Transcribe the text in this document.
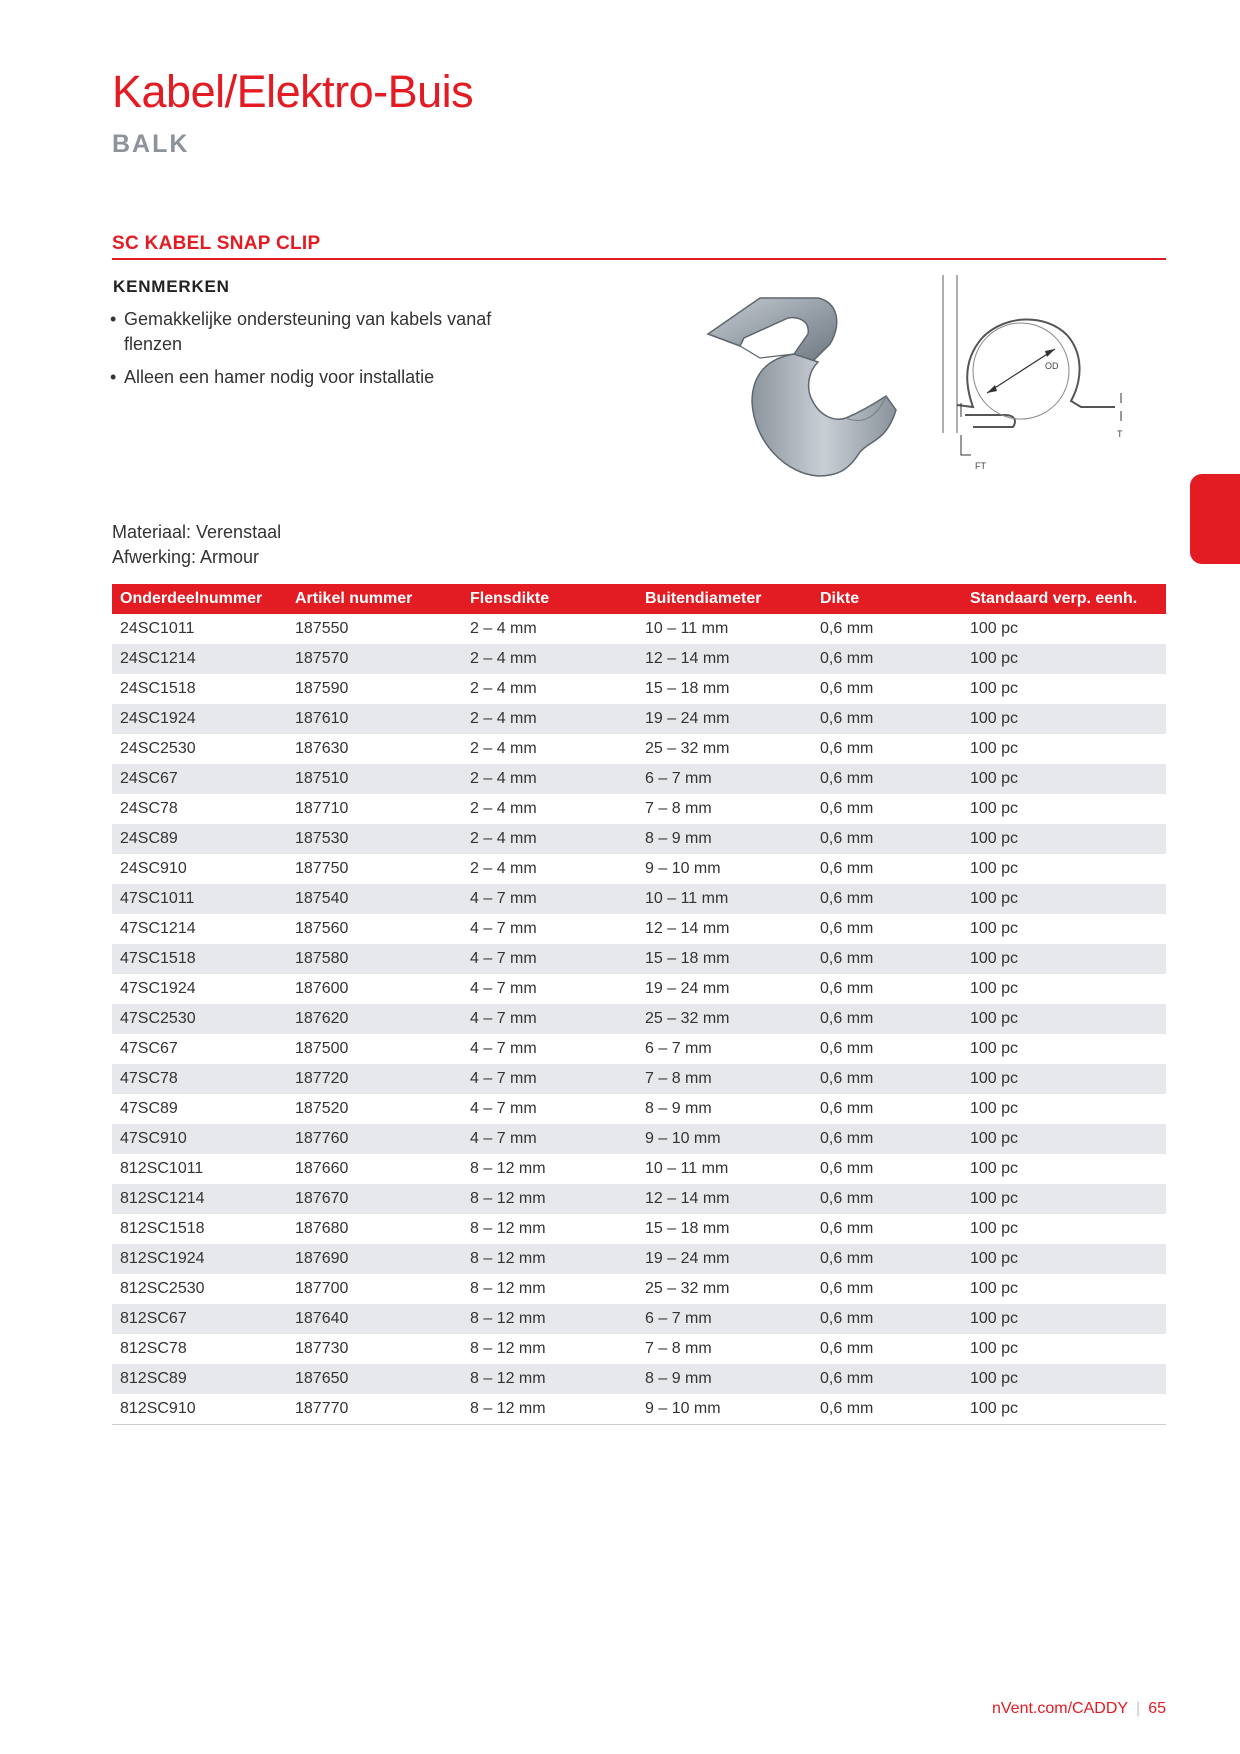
Kabel/Elektro-Buis
BALK
SC KABEL SNAP CLIP
KENMERKEN
• Gemakkelijke ondersteuning van kabels vanaf flenzen
• Alleen een hamer nodig voor installatie
OD
T
FT
Materiaal: Verenstaal
Afwerking: Armour
Onderdeelnummer	Artikel nummer	Flensdikte	Buitendiameter	Dikte	Standaard verp. eenh.
24SC1011	187550	2 – 4 mm	10 – 11 mm	0,6 mm	100 pc
24SC1214	187570	2 – 4 mm	12 – 14 mm	0,6 mm	100 pc
24SC1518	187590	2 – 4 mm	15 – 18 mm	0,6 mm	100 pc
24SC1924	187610	2 – 4 mm	19 – 24 mm	0,6 mm	100 pc
24SC2530	187630	2 – 4 mm	25 – 32 mm	0,6 mm	100 pc
24SC67	187510	2 – 4 mm	6 – 7 mm	0,6 mm	100 pc
24SC78	187710	2 – 4 mm	7 – 8 mm	0,6 mm	100 pc
24SC89	187530	2 – 4 mm	8 – 9 mm	0,6 mm	100 pc
24SC910	187750	2 – 4 mm	9 – 10 mm	0,6 mm	100 pc
47SC1011	187540	4 – 7 mm	10 – 11 mm	0,6 mm	100 pc
47SC1214	187560	4 – 7 mm	12 – 14 mm	0,6 mm	100 pc
47SC1518	187580	4 – 7 mm	15 – 18 mm	0,6 mm	100 pc
47SC1924	187600	4 – 7 mm	19 – 24 mm	0,6 mm	100 pc
47SC2530	187620	4 – 7 mm	25 – 32 mm	0,6 mm	100 pc
47SC67	187500	4 – 7 mm	6 – 7 mm	0,6 mm	100 pc
47SC78	187720	4 – 7 mm	7 – 8 mm	0,6 mm	100 pc
47SC89	187520	4 – 7 mm	8 – 9 mm	0,6 mm	100 pc
47SC910	187760	4 – 7 mm	9 – 10 mm	0,6 mm	100 pc
812SC1011	187660	8 – 12 mm	10 – 11 mm	0,6 mm	100 pc
812SC1214	187670	8 – 12 mm	12 – 14 mm	0,6 mm	100 pc
812SC1518	187680	8 – 12 mm	15 – 18 mm	0,6 mm	100 pc
812SC1924	187690	8 – 12 mm	19 – 24 mm	0,6 mm	100 pc
812SC2530	187700	8 – 12 mm	25 – 32 mm	0,6 mm	100 pc
812SC67	187640	8 – 12 mm	6 – 7 mm	0,6 mm	100 pc
812SC78	187730	8 – 12 mm	7 – 8 mm	0,6 mm	100 pc
812SC89	187650	8 – 12 mm	8 – 9 mm	0,6 mm	100 pc
812SC910	187770	8 – 12 mm	9 – 10 mm	0,6 mm	100 pc
nVent.com/CADDY | 65
